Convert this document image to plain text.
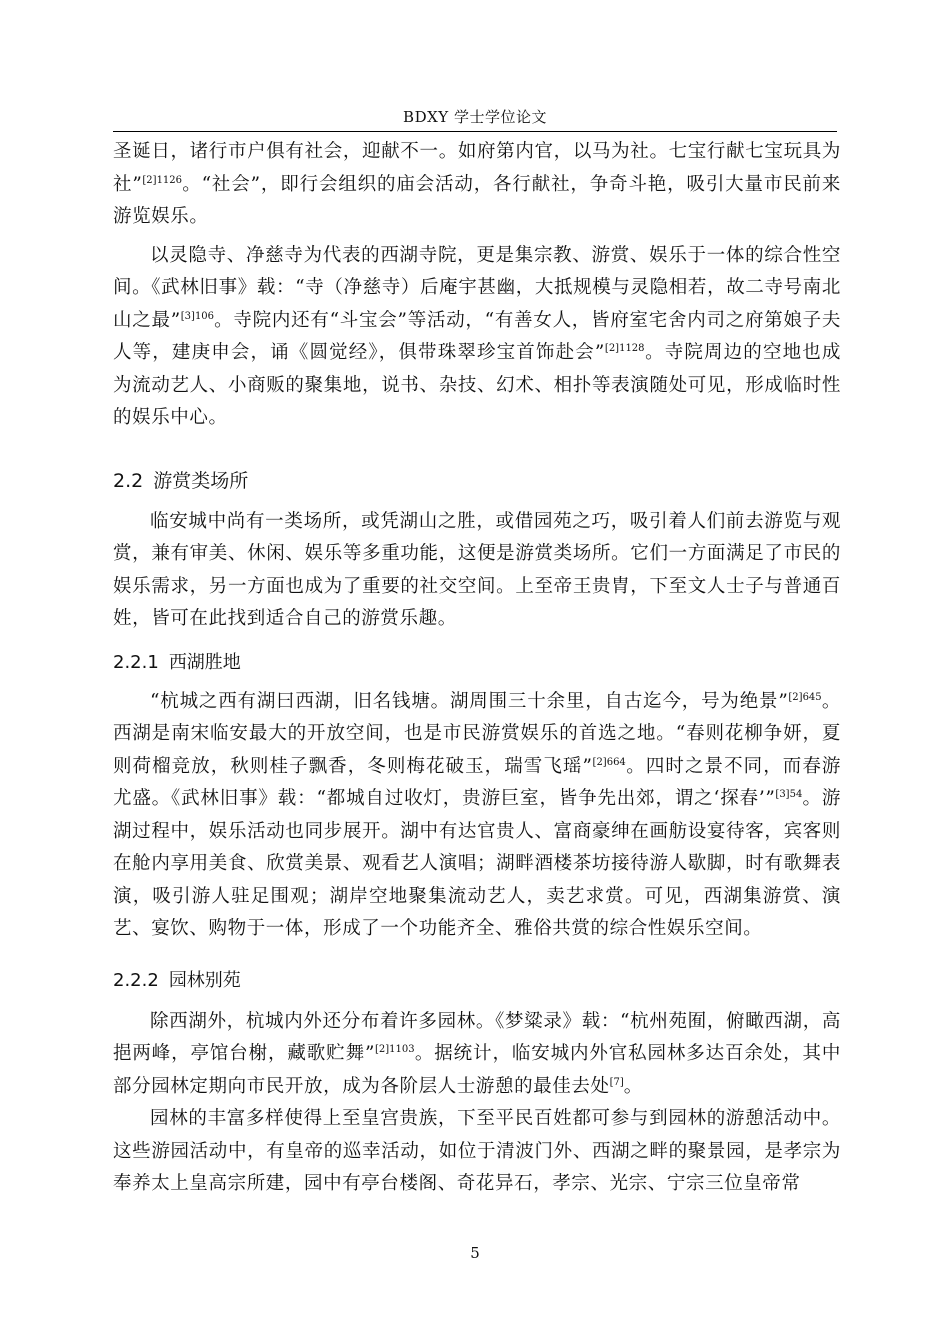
BDXY 学士学位论文

圣诞日，诸行市户俱有社会，迎献不一。如府第内官，以马为社。七宝行献七宝玩具为社”$^{[2]1126}$。“社会”，即行会组织的庙会活动，各行献社，争奇斗艳，吸引大量市民前来游览娱乐。

以灵隐寺、净慈寺为代表的西湖寺院，更是集宗教、游赏、娱乐于一体的综合性空间。《武林旧事》载：“寺（净慈寺）后庵宇甚幽，大抵规模与灵隐相若，故二寺号南北山之最”$^{[3]106}$。寺院内还有“斗宝会”等活动，“有善女人，皆府室宅舍内司之府第娘子夫人等，建庚申会，诵《圆觉经》，俱带珠翠珍宝首饰赴会”$^{[2]1128}$。寺院周边的空地也成为流动艺人、小商贩的聚集地，说书、杂技、幻术、相扑等表演随处可见，形成临时性的娱乐中心。

2.2 游赏类场所

临安城中尚有一类场所，或凭湖山之胜，或借园苑之巧，吸引着人们前去游览与观赏，兼有审美、休闲、娱乐等多重功能，这便是游赏类场所。它们一方面满足了市民的娱乐需求，另一方面也成为了重要的社交空间。上至帝王贵胄，下至文人士子与普通百姓，皆可在此找到适合自己的游赏乐趣。

2.2.1 西湖胜地

“杭城之西有湖曰西湖，旧名钱塘。湖周围三十余里，自古迄今，号为绝景”$^{[2]645}$。西湖是南宋临安最大的开放空间，也是市民游赏娱乐的首选之地。“春则花柳争妍，夏则荷榴竞放，秋则桂子飘香，冬则梅花破玉，瑞雪飞瑶”$^{[2]664}$。四时之景不同，而春游尤盛。《武林旧事》载：“都城自过收灯，贵游巨室，皆争先出郊，谓之‘探春’”$^{[3]54}$。游湖过程中，娱乐活动也同步展开。湖中有达官贵人、富商豪绅在画舫设宴待客，宾客则在舱内享用美食、欣赏美景、观看艺人演唱；湖畔酒楼茶坊接待游人歇脚，时有歌舞表演，吸引游人驻足围观；湖岸空地聚集流动艺人，卖艺求赏。可见，西湖集游赏、演艺、宴饮、购物于一体，形成了一个功能齐全、雅俗共赏的综合性娱乐空间。

2.2.2 园林别苑

除西湖外，杭城内外还分布着许多园林。《梦粱录》载：“杭州苑囿，俯瞰西湖，高挹两峰，亭馆台榭，藏歌贮舞”$^{[2]1103}$。据统计，临安城内外官私园林多达百余处，其中部分园林定期向市民开放，成为各阶层人士游憩的最佳去处[7]。

园林的丰富多样使得上至皇宫贵族，下至平民百姓都可参与到园林的游憩活动中。这些游园活动中，有皇帝的巡幸活动，如位于清波门外、西湖之畔的聚景园，是孝宗为奉养太上皇高宗所建，园中有亭台楼阁、奇花异石，孝宗、光宗、宁宗三位皇帝常

5
